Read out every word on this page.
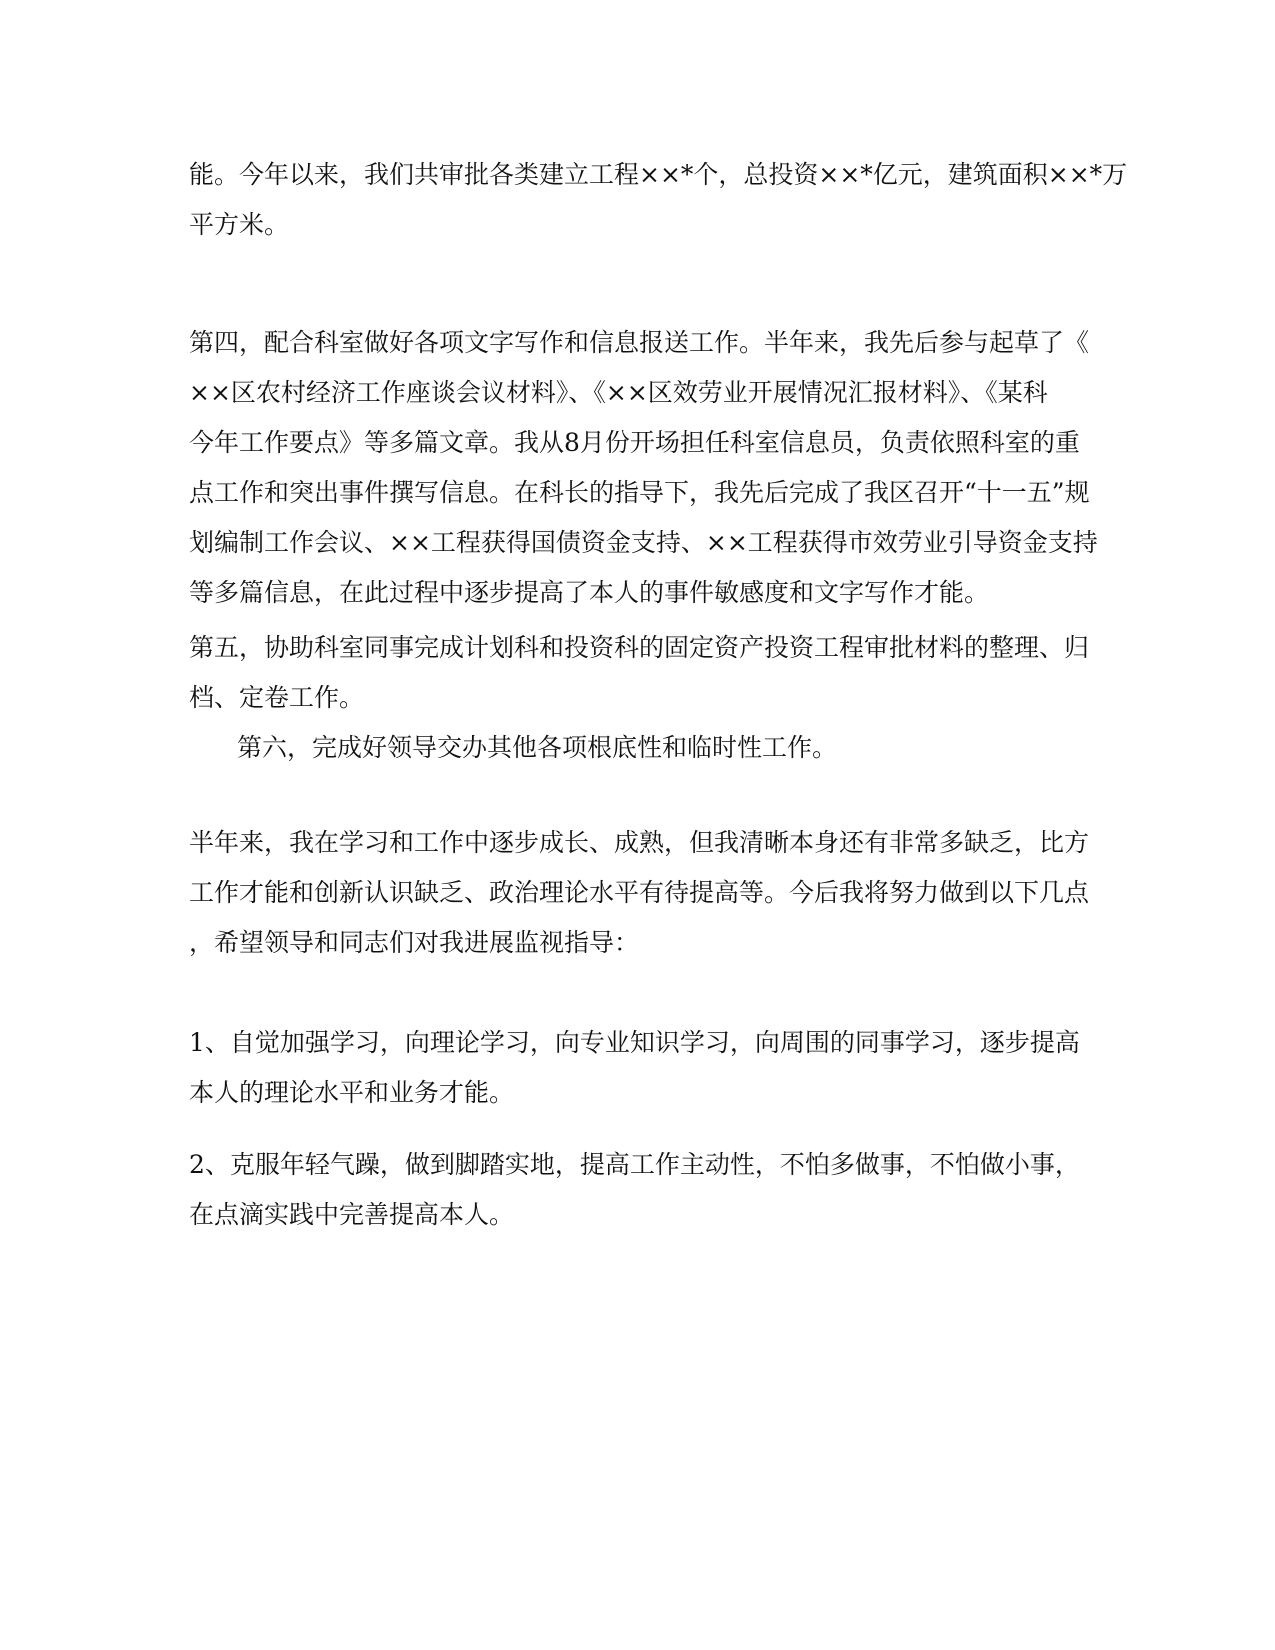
能。今年以来，我们共审批各类建立工程××*个，总投资××*亿元，建筑面积××*万
平方米。

第四，配合科室做好各项文字写作和信息报送工作。半年来，我先后参与起草了《
××区农村经济工作座谈会议材料》、《××区效劳业开展情况汇报材料》、《某科
今年工作要点》等多篇文章。我从8月份开场担任科室信息员，负责依照科室的重
点工作和突出事件撰写信息。在科长的指导下，我先后完成了我区召开“十一五”规
划编制工作会议、××工程获得国债资金支持、××工程获得市效劳业引导资金支持
等多篇信息，在此过程中逐步提高了本人的事件敏感度和文字写作才能。

第五，协助科室同事完成计划科和投资科的固定资产投资工程审批材料的整理、归
档、定卷工作。

第六，完成好领导交办其他各项根底性和临时性工作。

半年来，我在学习和工作中逐步成长、成熟，但我清晰本身还有非常多缺乏，比方
工作才能和创新认识缺乏、政治理论水平有待提高等。今后我将努力做到以下几点
，希望领导和同志们对我进展监视指导：

1、自觉加强学习，向理论学习，向专业知识学习，向周围的同事学习，逐步提高
本人的理论水平和业务才能。

2、克服年轻气躁，做到脚踏实地，提高工作主动性，不怕多做事，不怕做小事，
在点滴实践中完善提高本人。
